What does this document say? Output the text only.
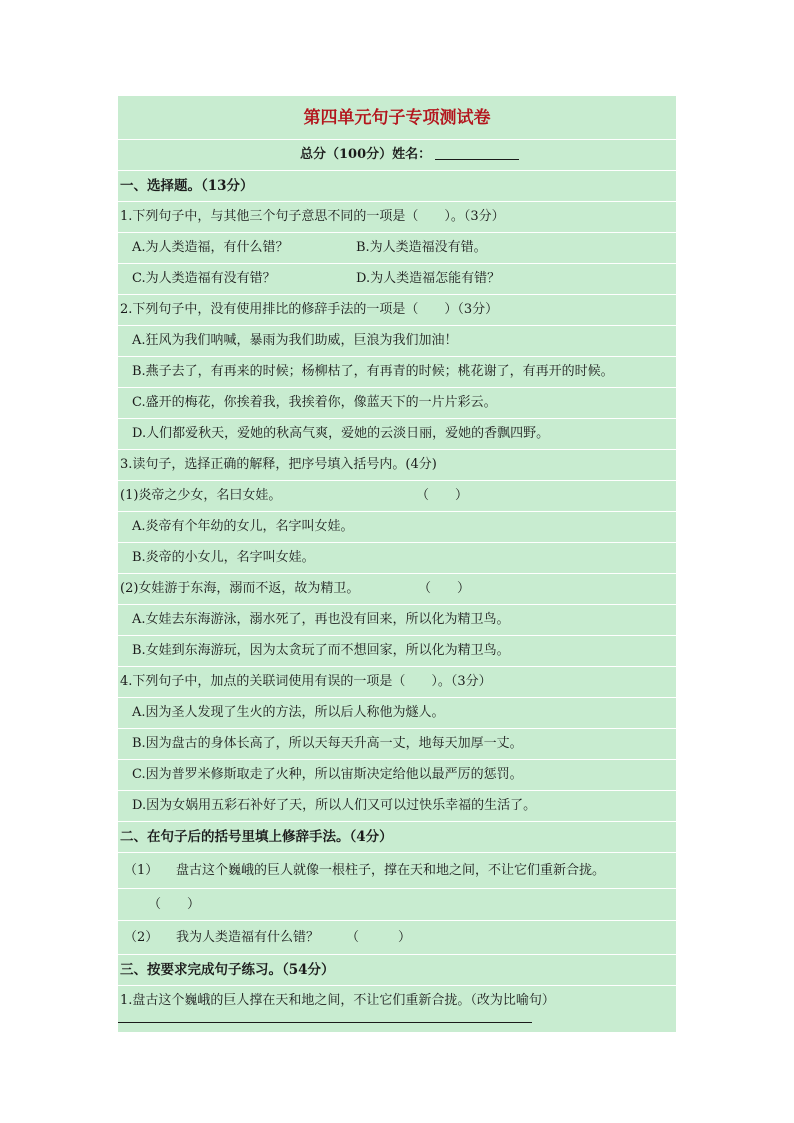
第四单元句子专项测试卷
总分（100分）姓名：
一、选择题。（13分）
1.下列句子中，与其他三个句子意思不同的一项是（　　）。（3分）
A.为人类造福，有什么错？	B.为人类造福没有错。
C.为人类造福有没有错？	D.为人类造福怎能有错？
2.下列句子中，没有使用排比的修辞手法的一项是（　　）（3分）
A.狂风为我们呐喊，暴雨为我们助威，巨浪为我们加油！
B.燕子去了，有再来的时候；杨柳枯了，有再青的时候；桃花谢了，有再开的时候。
C.盛开的梅花，你挨着我，我挨着你，像蓝天下的一片片彩云。
D.人们都爱秋天，爱她的秋高气爽，爱她的云淡日丽，爱她的香飘四野。
3.读句子，选择正确的解释，把序号填入括号内。(4分)
(1)炎帝之少女，名曰女娃。	（　　）
A.炎帝有个年幼的女儿，名字叫女娃。
B.炎帝的小女儿，名字叫女娃。
(2)女娃游于东海，溺而不返，故为精卫。	（　　）
A.女娃去东海游泳，溺水死了，再也没有回来，所以化为精卫鸟。
B.女娃到东海游玩，因为太贪玩了而不想回家，所以化为精卫鸟。
4.下列句子中，加点的关联词使用有误的一项是（　　）。（3分）
A.因为圣人发现了生火的方法，所以后人称他为燧人。
B.因为盘古的身体长高了，所以天每天升高一丈，地每天加厚一丈。
C.因为普罗米修斯取走了火种，所以宙斯决定给他以最严厉的惩罚。
D.因为女娲用五彩石补好了天，所以人们又可以过快乐幸福的生活了。
二、在句子后的括号里填上修辞手法。（4分）
（1） 盘古这个巍峨的巨人就像一根柱子，撑在天和地之间，不让它们重新合拢。
（　　）
（2） 我为人类造福有什么错？ （　　　）
三、按要求完成句子练习。（54分）
1.盘古这个巍峨的巨人撑在天和地之间，不让它们重新合拢。（改为比喻句）
